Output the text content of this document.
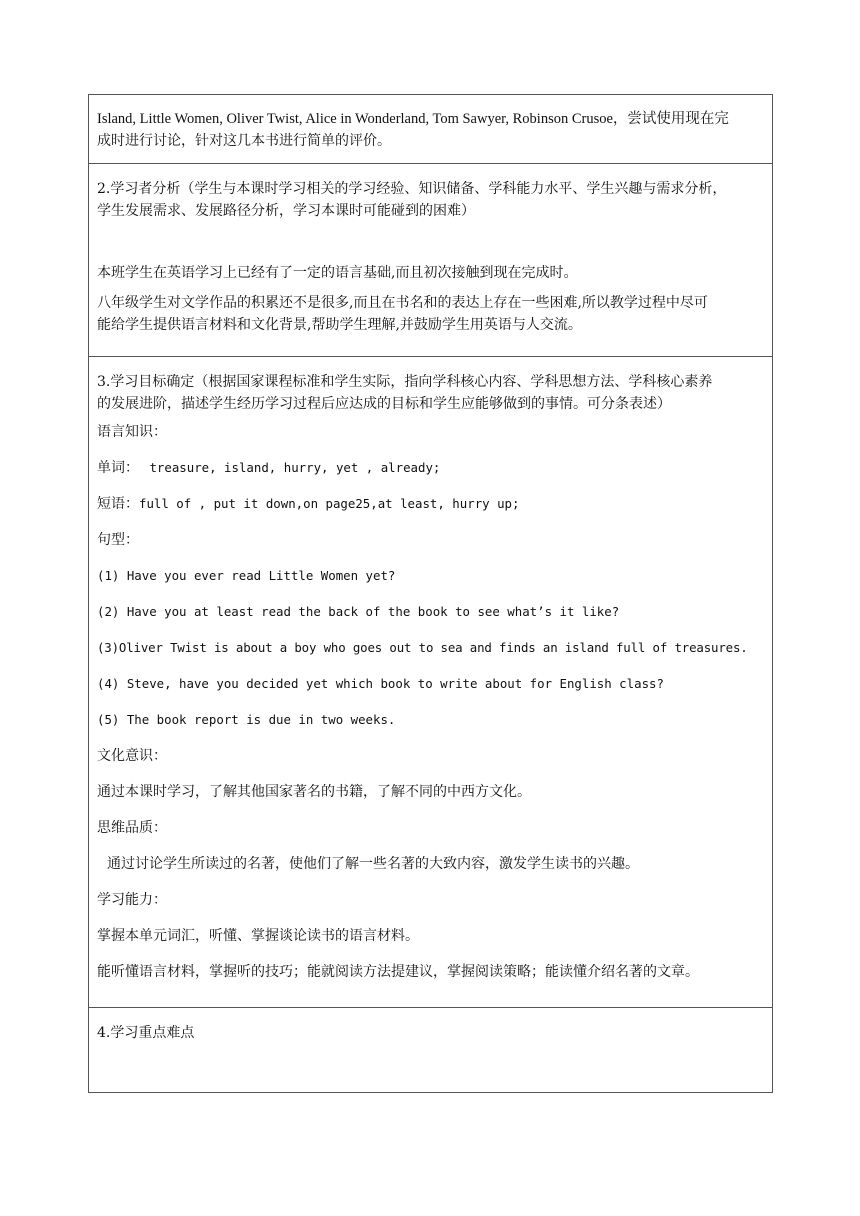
Island, Little Women, Oliver Twist, Alice in Wonderland, Tom Sawyer, Robinson Crusoe，尝试使用现在完

成时进行讨论，针对这几本书进行简单的评价。

2.学习者分析（学生与本课时学习相关的学习经验、知识储备、学科能力水平、学生兴趣与需求分析，

学生发展需求、发展路径分析，学习本课时可能碰到的困难）

本班学生在英语学习上已经有了一定的语言基础,而且初次接触到现在完成时。

八年级学生对文学作品的积累还不是很多,而且在书名和的表达上存在一些困难,所以教学过程中尽可

能给学生提供语言材料和文化背景,帮助学生理解,并鼓励学生用英语与人交流。

3.学习目标确定（根据国家课程标准和学生实际，指向学科核心内容、学科思想方法、学科核心素养

的发展进阶，描述学生经历学习过程后应达成的目标和学生应能够做到的事情。可分条表述）

语言知识：

单词： treasure, island, hurry, yet , already;

短语：full of , put it down,on page25,at least, hurry up;

句型：

(1) Have you ever read Little Women yet?

(2) Have you at least read the back of the book to see what’s it like?

(3)Oliver Twist is about a boy who goes out to sea and finds an island full of treasures.

(4) Steve, have you decided yet which book to write about for English class?

(5) The book report is due in two weeks.

文化意识：

通过本课时学习，了解其他国家著名的书籍，了解不同的中西方文化。

思维品质：

通过讨论学生所读过的名著，使他们了解一些名著的大致内容，激发学生读书的兴趣。

学习能力：

掌握本单元词汇，听懂、掌握谈论读书的语言材料。

能听懂语言材料，掌握听的技巧；能就阅读方法提建议，掌握阅读策略；能读懂介绍名著的文章。

4.学习重点难点
